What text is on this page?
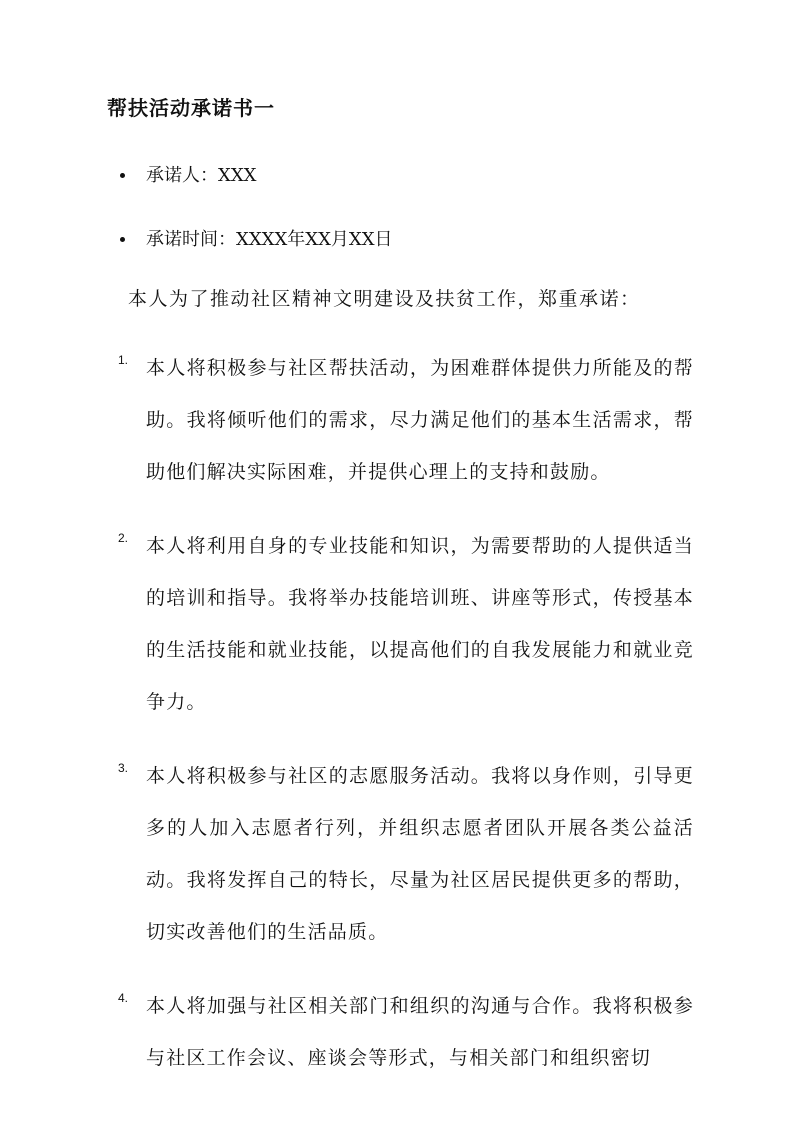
帮扶活动承诺书一
承诺人：XXX
承诺时间：XXXX年XX月XX日
本人为了推动社区精神文明建设及扶贫工作，郑重承诺：
1. 本人将积极参与社区帮扶活动，为困难群体提供力所能及的帮助。我将倾听他们的需求，尽力满足他们的基本生活需求，帮助他们解决实际困难，并提供心理上的支持和鼓励。
2. 本人将利用自身的专业技能和知识，为需要帮助的人提供适当的培训和指导。我将举办技能培训班、讲座等形式，传授基本的生活技能和就业技能，以提高他们的自我发展能力和就业竞争力。
3. 本人将积极参与社区的志愿服务活动。我将以身作则，引导更多的人加入志愿者行列，并组织志愿者团队开展各类公益活动。我将发挥自己的特长，尽量为社区居民提供更多的帮助，切实改善他们的生活品质。
4. 本人将加强与社区相关部门和组织的沟通与合作。我将积极参与社区工作会议、座谈会等形式，与相关部门和组织密切
